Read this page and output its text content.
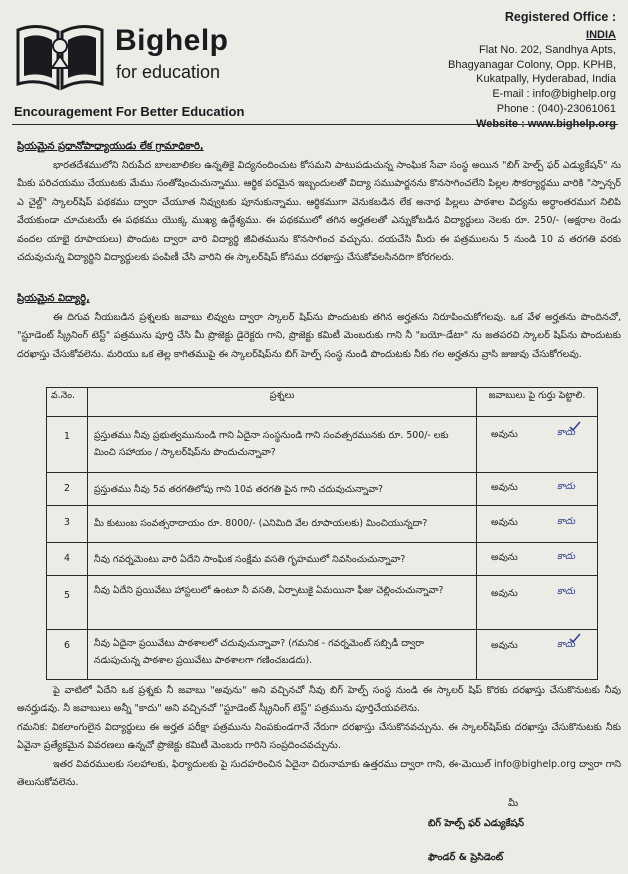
Bighelp
for education
Encouragement For Better Education
Registered Office :
INDIA
Flat No. 202, Sandhya Apts,
Bhagyanagar Colony, Opp. KPHB,
Kukatpally, Hyderabad, India
E-mail : info@bighelp.org
Phone : (040)-23061061
Website : www.bighelp.org
ప్రియమైన ప్రధానోపాధ్యాయుడు లేక గ్రామాధికారి,
భారతదేశములోని నిరుపేద బాలబాలికల ఉన్నతికై విద్యనందించుట కోసమని పాటుపడుచున్న సాంఘిక సేవా సంస్థ అయిన "బిగ్ హెల్ప్ ఫర్ ఎడ్యుకేషన్" ను మీకు పరిచయము చేయుటకు మేము సంతోషించుచున్నాము. ఆర్థిక పరమైన ఇబ్బందులతో విద్యా సముపార్జనను కొనసాగించలేని పిల్లల సౌకర్యార్థము వారికి "స్పాన్సర్ ఎ చైల్డ్" స్కాలర్‌షిప్ పథకము ద్వారా చేయూత నివ్వుటకు పూనుకున్నాము. ఆర్థికముగా వెనుకబడిన లేక అనాథ పిల్లలు పాఠశాల విద్యను అర్ధాంతరముగ నిలిపి వేయకుండా చూచుటయే ఈ పథకము యొక్క ముఖ్య ఉద్దేశ్యము. ఈ పథకములో తగిన అర్హతలతో ఎన్నుకోబడిన విద్యార్థులు నెలకు రూ. 250/- (అక్షరాల రెండు వందల యాభై రూపాయలు) పొందుట ద్వారా వారి విద్యార్థి జీవితమును కొనసాగించ వచ్చును. దయచేసి మీరు ఈ పత్రములను 5 నుండి 10 వ తరగతి వరకు చదువుచున్న విద్యార్థిని విద్యార్థులకు పంపిణీ చేసి వారిని ఈ స్కాలర్‌షిప్ కోసము దరఖాస్తు చేసుకోవలసినదిగా కోరగలరు.
ప్రియమైన విద్యార్థి,
ఈ దిగువ నీయబడిన ప్రశ్నలకు జవాబు లివ్వుట ద్వారా స్కాలర్ షిప్‌ను పొందుటకు తగిన అర్హతను నిరూపించుకోగలవు. ఒక వేళ అర్హతను పొందినచో, "స్టూడెంట్ స్క్రీనింగ్ టెస్ట్" పత్రమును పూర్తి చేసి మీ ప్రొజెక్టు డైరెక్టరు గాని, ప్రొజెక్టు కమిటీ మెంబరుకు గాని నీ "బయో-డేటా" ను జతపరచి స్కాలర్ షిప్‌ను పొందుటకు దరఖాస్తు చేసుకోవలెను. మరియు ఒక తెల్ల కాగితముపై ఈ స్కాలర్‌షిప్‌ను బిగ్ హెల్ప్ సంస్థ నుండి పొందుటకు నీకు గల అర్హతను వ్రాసి జుజువు చేసుకోగలవు.
వ.నెం.	ప్రశ్నలు	జవాబులు పై గుర్తు పెట్టాలి.
1	ప్రస్తుతము నీవు ప్రభుత్వమునుండి గాని ఏదైనా సంస్థనుండి గాని సంవత్సరమునకు రూ. 500/- లకు మించి సహాయం / స్కాలర్‌షిప్‌ను పొందుచున్నావా?	అవును కాదు

2	ప్రస్తుతము నీవు 5వ తరగతిలోపు గాని 10వ తరగతి పైన గాని చదువుచున్నావా?	అవును కాదు

3	మీ కుటుంబ సంవత్సరాదాయం రూ. 8000/- (ఎనిమిది వేల రూపాయలకు) మించియున్నదా?	అవును కాదు

4	నీవు గవర్నమెంటు వారి ఏదేని సాంఘిక సంక్షేమ వసతి గృహములో నివసించుచున్నావా?	అవును కాదు

5	నీవు ఏదేని ప్రయివేటు హాస్టలులో ఉంటూ నీ వసతి, ఏర్పాటుకై ఏమయినా ఫీజు చెల్లించుచున్నావా?	అవును కాదు

6	నీవు ఏదైనా ప్రయివేటు పాఠశాలలో చదువుచున్నావా? (గమనిక - గవర్నమెంట్ సబ్సిడీ ద్వారా నడుపుచున్న పాఠశాల ప్రయివేటు పాఠశాలగా గణించబడదు).	అవును కాదు
పై వాటిలో ఏదేని ఒక ప్రశ్నకు నీ జవాబు "అవును" అని వచ్చినచో నీవు బిగ్ హెల్ప్ సంస్థ నుండి ఈ స్కాలర్ షిప్ కొరకు దరఖాస్తు చేసుకొనుటకు నీవు అనర్హుడవు. నీ జవాబులు అన్నీ "కాదు" అని వచ్చినచో "స్టూడెంట్ స్క్రీనింగ్ టెస్ట్" పత్రమును పూర్తిచేయవలెను.
గమనిక: వికలాంగులైన విద్యార్థులు ఈ అర్హత పరీక్షా పత్రమును నింపకుండగానే నేరుగా దరఖాస్తు చేసుకొనవచ్చును. ఈ స్కాలర్‌షిప్‌కు దరఖాస్తు చేసుకొనుటకు నీకు ఏవైనా ప్రత్యేకమైన వివరణలు ఉన్నచో ప్రొజెక్టు కమిటీ మెంబరు గారిని సంప్రదించవచ్చును.
ఇతర వివరములకు సలహాలకు, ఫిర్యాదులకు పై సుదహరించిన ఏదైనా చిరునామాకు ఉత్తరము ద్వారా గాని, ఈ-మెయిల్ info@bighelp.org ద్వారా గాని తెలుసుకోవలెను.
మీ
బిగ్ హెల్ప్ ఫర్ ఎడ్యుకేషన్
ఫౌండర్ & ప్రెసిడెంట్
